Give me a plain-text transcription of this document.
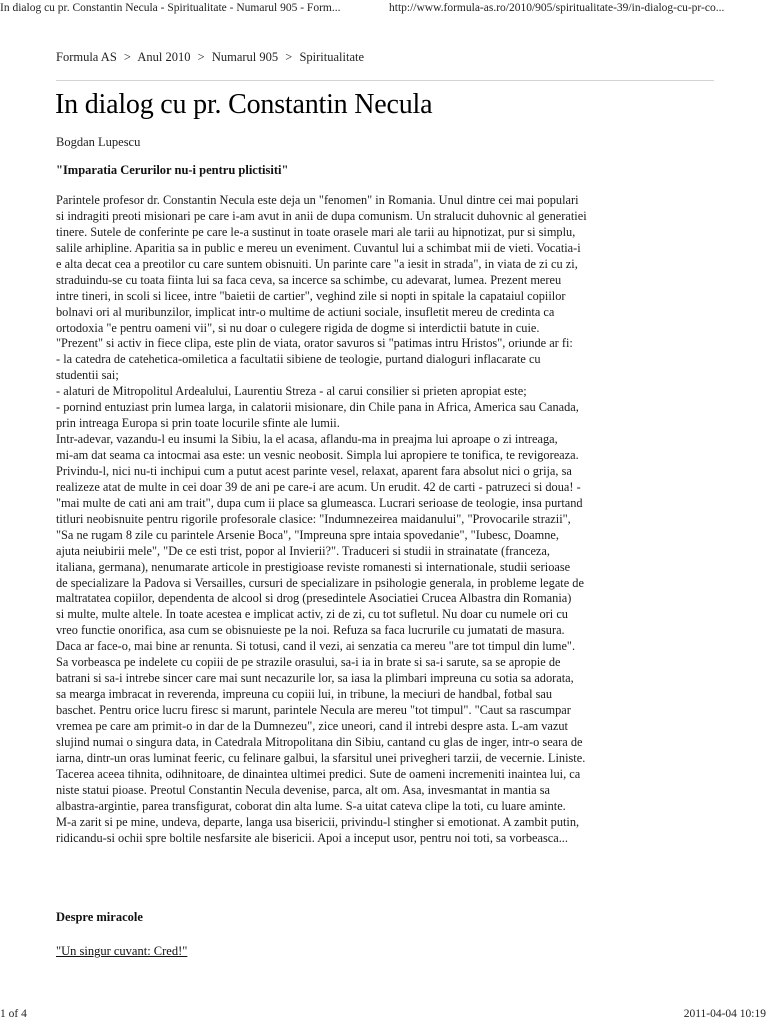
In dialog cu pr. Constantin Necula - Spiritualitate - Numarul 905 - Form...	http://www.formula-as.ro/2010/905/spiritualitate-39/in-dialog-cu-pr-co...
Formula AS > Anul 2010 > Numarul 905 > Spiritualitate
In dialog cu pr. Constantin Necula
Bogdan Lupescu
"Imparatia Cerurilor nu-i pentru plictisiti"
Parintele profesor dr. Constantin Necula este deja un "fenomen" in Romania. Unul dintre cei mai populari
si indragiti preoti misionari pe care i-am avut in anii de dupa comunism. Un stralucit duhovnic al generatiei
tinere. Sutele de conferinte pe care le-a sustinut in toate orasele mari ale tarii au hipnotizat, pur si simplu,
salile arhipline. Aparitia sa in public e mereu un eveniment. Cuvantul lui a schimbat mii de vieti. Vocatia-i
e alta decat cea a preotilor cu care suntem obisnuiti. Un parinte care "a iesit in strada", in viata de zi cu zi,
straduindu-se cu toata fiinta lui sa faca ceva, sa incerce sa schimbe, cu adevarat, lumea. Prezent mereu
intre tineri, in scoli si licee, intre "baietii de cartier", veghind zile si nopti in spitale la capataiul copiilor
bolnavi ori al muribunzilor, implicat intr-o multime de actiuni sociale, insufletit mereu de credinta ca
ortodoxia "e pentru oameni vii", si nu doar o culegere rigida de dogme si interdictii batute in cuie.
"Prezent" si activ in fiece clipa, este plin de viata, orator savuros si "patimas intru Hristos", oriunde ar fi:
- la catedra de catehetica-omiletica a facultatii sibiene de teologie, purtand dialoguri inflacarate cu
studentii sai;
- alaturi de Mitropolitul Ardealului, Laurentiu Streza - al carui consilier si prieten apropiat este;
- pornind entuziast prin lumea larga, in calatorii misionare, din Chile pana in Africa, America sau Canada,
prin intreaga Europa si prin toate locurile sfinte ale lumii.
Intr-adevar, vazandu-l eu insumi la Sibiu, la el acasa, aflandu-ma in preajma lui aproape o zi intreaga,
mi-am dat seama ca intocmai asa este: un vesnic neobosit. Simpla lui apropiere te tonifica, te revigoreaza.
Privindu-l, nici nu-ti inchipui cum a putut acest parinte vesel, relaxat, aparent fara absolut nici o grija, sa
realizeze atat de multe in cei doar 39 de ani pe care-i are acum. Un erudit. 42 de carti - patruzeci si doua! -
"mai multe de cati ani am trait", dupa cum ii place sa glumeasca. Lucrari serioase de teologie, insa purtand
titluri neobisnuite pentru rigorile profesorale clasice: "Indumnezeirea maidanului", "Provocarile strazii",
"Sa ne rugam 8 zile cu parintele Arsenie Boca", "Impreuna spre intaia spovedanie", "Iubesc, Doamne,
ajuta neiubirii mele", "De ce esti trist, popor al Invierii?". Traduceri si studii in strainatate (franceza,
italiana, germana), nenumarate articole in prestigioase reviste romanesti si internationale, studii serioase
de specializare la Padova si Versailles, cursuri de specializare in psihologie generala, in probleme legate de
maltratatea copiilor, dependenta de alcool si drog (presedintele Asociatiei Crucea Albastra din Romania)
si multe, multe altele. In toate acestea e implicat activ, zi de zi, cu tot sufletul. Nu doar cu numele ori cu
vreo functie onorifica, asa cum se obisnuieste pe la noi. Refuza sa faca lucrurile cu jumatati de masura.
Daca ar face-o, mai bine ar renunta. Si totusi, cand il vezi, ai senzatia ca mereu "are tot timpul din lume".
Sa vorbeasca pe indelete cu copiii de pe strazile orasului, sa-i ia in brate si sa-i sarute, sa se apropie de
batrani si sa-i intrebe sincer care mai sunt necazurile lor, sa iasa la plimbari impreuna cu sotia sa adorata,
sa mearga imbracat in reverenda, impreuna cu copiii lui, in tribune, la meciuri de handbal, fotbal sau
baschet. Pentru orice lucru firesc si marunt, parintele Necula are mereu "tot timpul". "Caut sa rascumpar
vremea pe care am primit-o in dar de la Dumnezeu", zice uneori, cand il intrebi despre asta. L-am vazut
slujind numai o singura data, in Catedrala Mitropolitana din Sibiu, cantand cu glas de inger, intr-o seara de
iarna, dintr-un oras luminat feeric, cu felinare galbui, la sfarsitul unei privegheri tarzii, de vecernie. Liniste.
Tacerea aceea tihnita, odihnitoare, de dinaintea ultimei predici. Sute de oameni incremeniti inaintea lui, ca
niste statui pioase. Preotul Constantin Necula devenise, parca, alt om. Asa, invesmantat in mantia sa
albastra-argintie, parea transfigurat, coborat din alta lume. S-a uitat cateva clipe la toti, cu luare aminte.
M-a zarit si pe mine, undeva, departe, langa usa bisericii, privindu-l stingher si emotionat. A zambit putin,
ridicandu-si ochii spre boltile nesfarsite ale bisericii. Apoi a inceput usor, pentru noi toti, sa vorbeasca...
Despre miracole
"Un singur cuvant: Cred!"
1 of 4	2011-04-04 10:19
